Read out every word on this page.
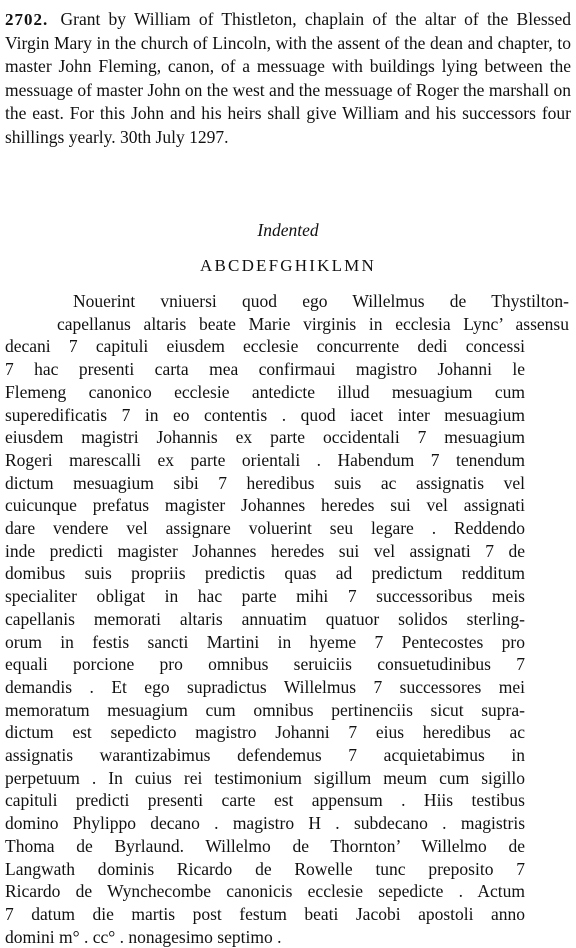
2702. Grant by William of Thistleton, chaplain of the altar of the Blessed Virgin Mary in the church of Lincoln, with the assent of the dean and chapter, to master John Fleming, canon, of a messuage with buildings lying between the messuage of master John on the west and the messuage of Roger the marshall on the east. For this John and his heirs shall give William and his successors four shillings yearly. 30th July 1297.
Indented
ABCDEFGHIKLMN
Nouerint vniuersi quod ego Willelmus de Thystilton-
capellanus altaris beate Marie virginis in ecclesia Lync’ assensu
decani 7 capituli eiusdem ecclesie concurrente dedi concessi
7 hac presenti carta mea confirmaui magistro Johanni le
Flemeng canonico ecclesie antedicte illud mesuagium cum
superedificatis 7 in eo contentis . quod iacet inter mesuagium
eiusdem magistri Johannis ex parte occidentali 7 mesuagium
Rogeri marescalli ex parte orientali . Habendum 7 tenendum
dictum mesuagium sibi 7 heredibus suis ac assignatis vel
cuicunque prefatus magister Johannes heredes sui vel assignati
dare vendere vel assignare voluerint seu legare . Reddendo
inde predicti magister Johannes heredes sui vel assignati 7 de
domibus suis propriis predictis quas ad predictum redditum
specialiter obligat in hac parte mihi 7 successoribus meis
capellanis memorati altaris annuatim quatuor solidos sterling-
orum in festis sancti Martini in hyeme 7 Pentecostes pro
equali porcione pro omnibus seruiciis consuetudinibus 7
demandis . Et ego supradictus Willelmus 7 successores mei
memoratum mesuagium cum omnibus pertinenciis sicut supra-
dictum est sepedicto magistro Johanni 7 eius heredibus ac
assignatis warantizabimus defendemus 7 acquietabimus in
perpetuum . In cuius rei testimonium sigillum meum cum sigillo
capituli predicti presenti carte est appensum . Hiis testibus
domino Phylippo decano . magistro H . subdecano . magistris
Thoma de Byrlaund. Willelmo de Thornton’ Willelmo de
Langwath dominis Ricardo de Rowelle tunc preposito 7
Ricardo de Wynchecombe canonicis ecclesie sepedicte . Actum
7 datum die martis post festum beati Jacobi apostoli anno
domini m° . cc° . nonagesimo septimo .
